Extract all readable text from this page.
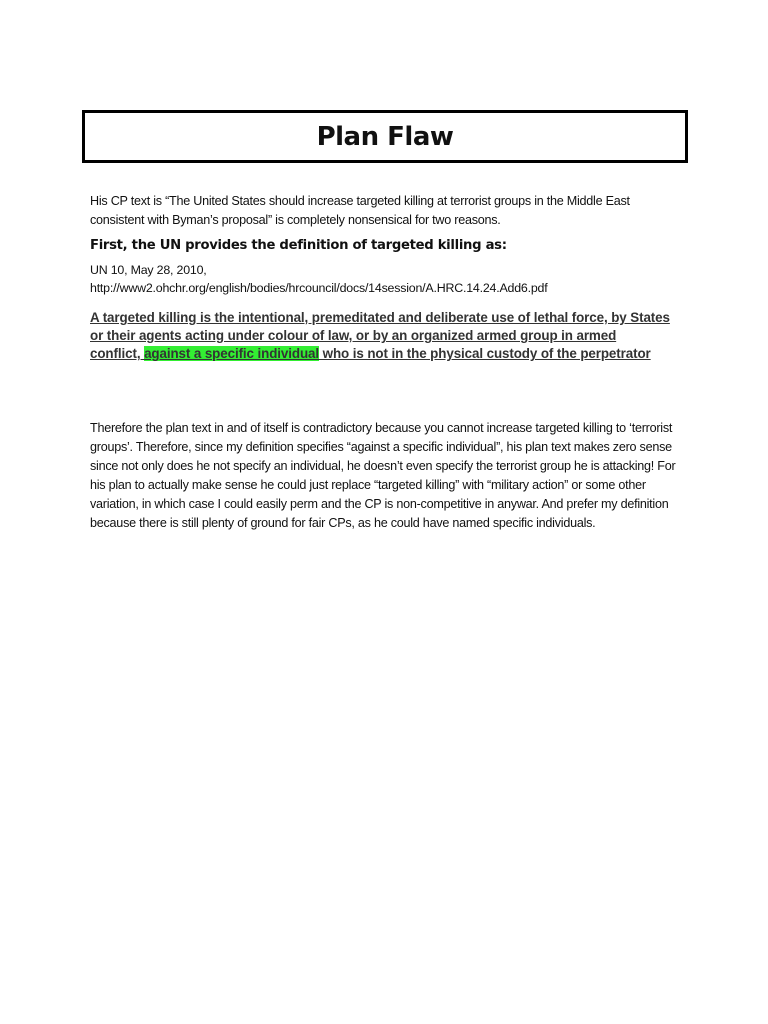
Plan Flaw
His CP text is “The United States should increase targeted killing at terrorist groups in the Middle East consistent with Byman’s proposal” is completely nonsensical for two reasons.
First, the UN provides the definition of targeted killing as:
UN 10, May 28, 2010,
http://www2.ohchr.org/english/bodies/hrcouncil/docs/14session/A.HRC.14.24.Add6.pdf
A targeted killing is the intentional, premeditated and deliberate use of lethal force, by States or their agents acting under colour of law, or by an organized armed group in armed conflict, against a specific individual who is not in the physical custody of the perpetrator
Therefore the plan text in and of itself is contradictory because you cannot increase targeted killing to ‘terrorist groups’. Therefore, since my definition specifies “against a specific individual”, his plan text makes zero sense since not only does he not specify an individual, he doesn’t even specify the terrorist group he is attacking! For his plan to actually make sense he could just replace “targeted killing” with “military action” or some other variation, in which case I could easily perm and the CP is non-competitive in anywar. And prefer my definition because there is still plenty of ground for fair CPs, as he could have named specific individuals.
